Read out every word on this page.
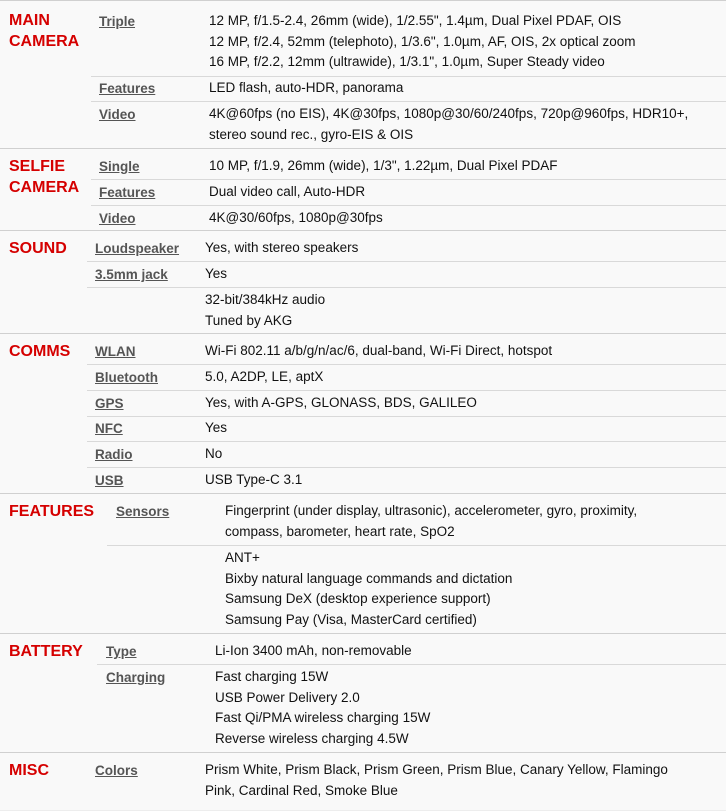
MAIN
CAMERA
Triple	12 MP, f/1.5-2.4, 26mm (wide), 1/2.55", 1.4µm, Dual Pixel PDAF, OIS
12 MP, f/2.4, 52mm (telephoto), 1/3.6", 1.0µm, AF, OIS, 2x optical zoom
16 MP, f/2.2, 12mm (ultrawide), 1/3.1", 1.0µm, Super Steady video
Features	LED flash, auto-HDR, panorama
Video	4K@60fps (no EIS), 4K@30fps, 1080p@30/60/240fps, 720p@960fps, HDR10+,
stereo sound rec., gyro-EIS & OIS
SELFIE
CAMERA
Single	10 MP, f/1.9, 26mm (wide), 1/3", 1.22µm, Dual Pixel PDAF
Features	Dual video call, Auto-HDR
Video	4K@30/60fps, 1080p@30fps
SOUND Loudspeaker Yes, with stereo speakers
3.5mm jack	Yes
32-bit/384kHz audio
Tuned by AKG
COMMS WLAN	Wi-Fi 802.11 a/b/g/n/ac/6, dual-band, Wi-Fi Direct, hotspot
Bluetooth	5.0, A2DP, LE, aptX
GPS	Yes, with A-GPS, GLONASS, BDS, GALILEO
NFC	Yes
Radio	No
USB	USB Type-C 3.1
FEATURES Sensors	Fingerprint (under display, ultrasonic), accelerometer, gyro, proximity,
compass, barometer, heart rate, SpO2
ANT+
Bixby natural language commands and dictation
Samsung DeX (desktop experience support)
Samsung Pay (Visa, MasterCard certified)
BATTERY Type	Li-Ion 3400 mAh, non-removable
Charging	Fast charging 15W
USB Power Delivery 2.0
Fast Qi/PMA wireless charging 15W
Reverse wireless charging 4.5W
MISC	Colors	Prism White, Prism Black, Prism Green, Prism Blue, Canary Yellow, Flamingo
Pink, Cardinal Red, Smoke Blue
